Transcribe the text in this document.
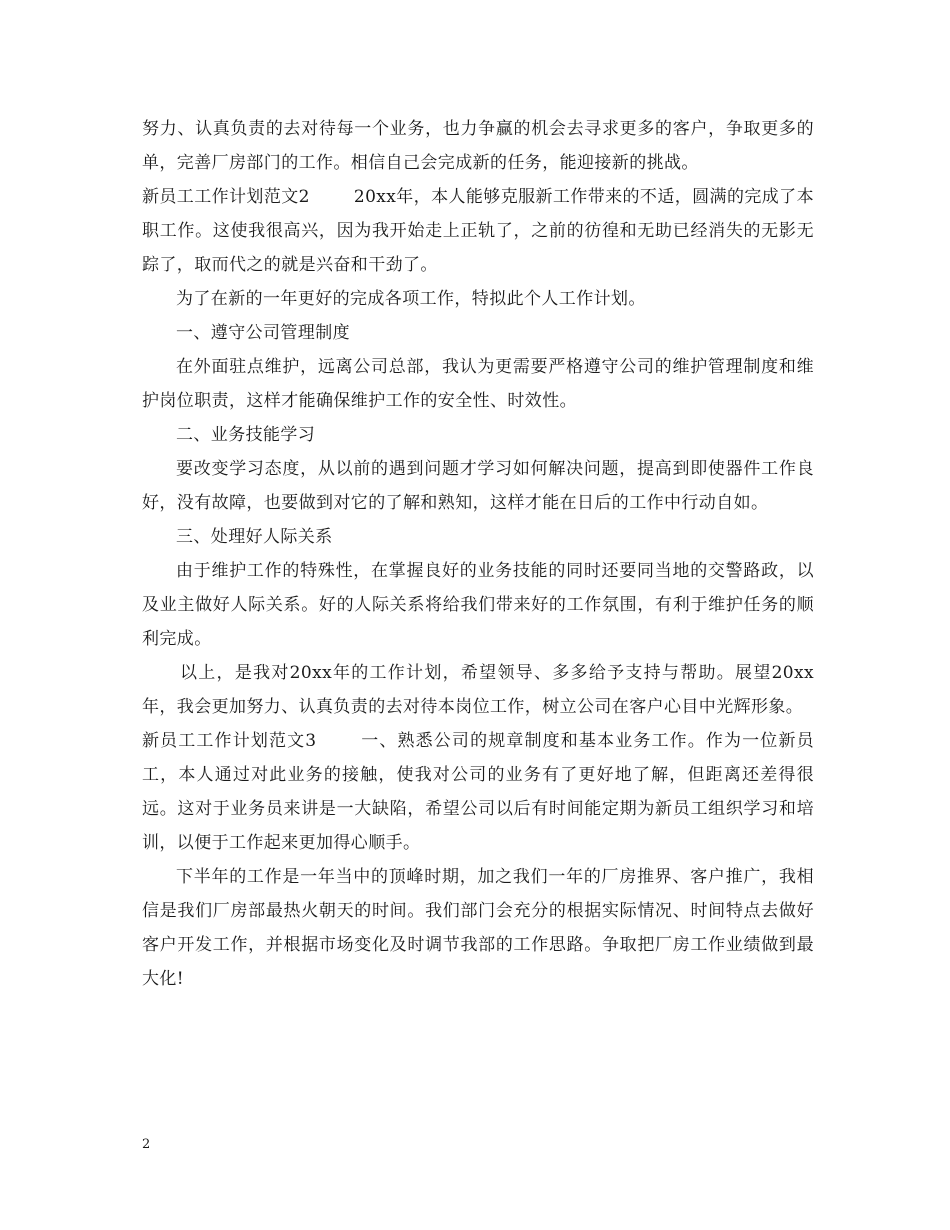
努力、认真负责的去对待每一个业务，也力争赢的机会去寻求更多的客户，争取更多的单，完善厂房部门的工作。相信自己会完成新的任务，能迎接新的挑战。

新员工工作计划范文2	20xx年，本人能够克服新工作带来的不适，圆满的完成了本职工作。这使我很高兴，因为我开始走上正轨了，之前的彷徨和无助已经消失的无影无踪了，取而代之的就是兴奋和干劲了。

为了在新的一年更好的完成各项工作，特拟此个人工作计划。

一、遵守公司管理制度

在外面驻点维护，远离公司总部，我认为更需要严格遵守公司的维护管理制度和维护岗位职责，这样才能确保维护工作的安全性、时效性。

二、业务技能学习

要改变学习态度，从以前的遇到问题才学习如何解决问题，提高到即使器件工作良好，没有故障，也要做到对它的了解和熟知，这样才能在日后的工作中行动自如。

三、处理好人际关系

由于维护工作的特殊性，在掌握良好的业务技能的同时还要同当地的交警路政，以及业主做好人际关系。好的人际关系将给我们带来好的工作氛围，有利于维护任务的顺利完成。

以上，是我对20xx年的工作计划，希望领导、多多给予支持与帮助。展望20xx年，我会更加努力、认真负责的去对待本岗位工作，树立公司在客户心目中光辉形象。

新员工工作计划范文3	一、熟悉公司的规章制度和基本业务工作。作为一位新员工，本人通过对此业务的接触，使我对公司的业务有了更好地了解，但距离还差得很远。这对于业务员来讲是一大缺陷，希望公司以后有时间能定期为新员工组织学习和培训，以便于工作起来更加得心顺手。

下半年的工作是一年当中的顶峰时期，加之我们一年的厂房推界、客户推广，我相信是我们厂房部最热火朝天的时间。我们部门会充分的根据实际情况、时间特点去做好客户开发工作，并根据市场变化及时调节我部的工作思路。争取把厂房工作业绩做到最大化!

2
